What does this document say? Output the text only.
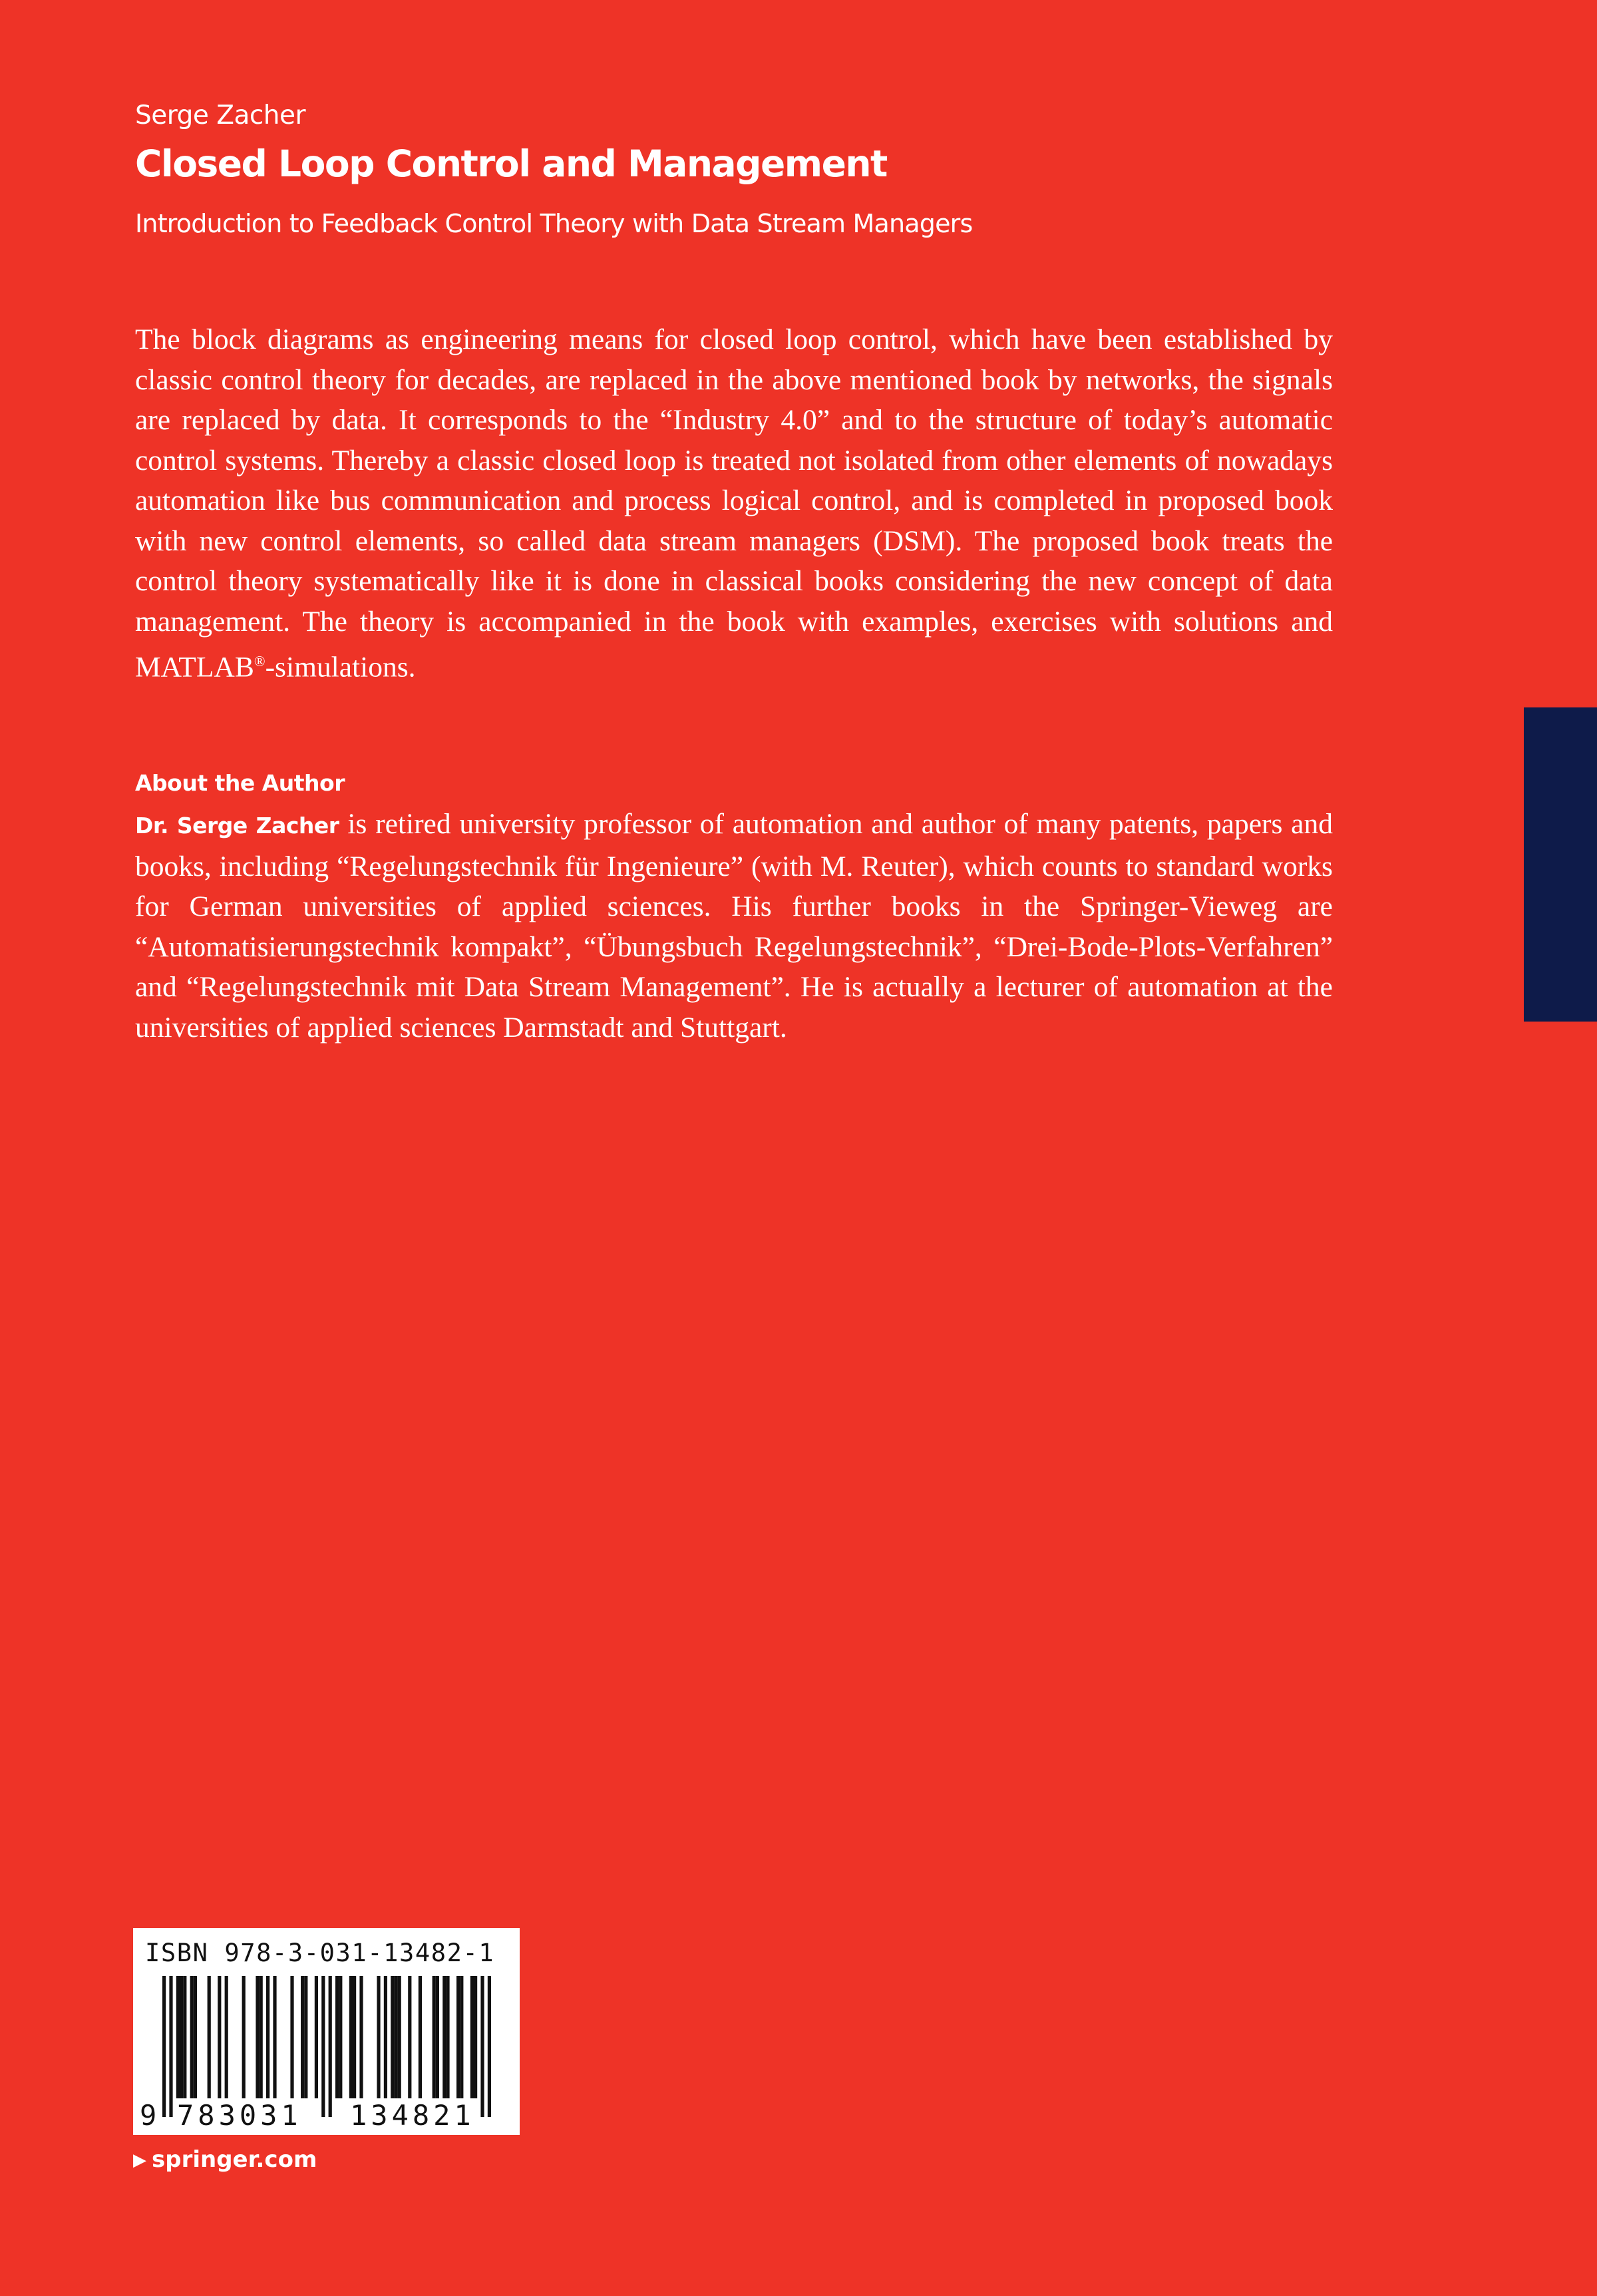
Serge Zacher
Closed Loop Control and Management
Introduction to Feedback Control Theory with Data Stream Managers

The block diagrams as engineering means for closed loop control, which have been established by classic control theory for decades, are replaced in the above mentioned book by networks, the signals are replaced by data. It corresponds to the “Industry 4.0” and to the structure of today’s automatic control systems. Thereby a classic closed loop is treated not isolated from other elements of nowadays automation like bus communication and process logical control, and is completed in proposed book with new control elements, so called data stream managers (DSM). The proposed book treats the control theory systematically like it is done in classical books considering the new concept of data management. The theory is accompanied in the book with examples, exercises with solutions and MATLAB®-simulations.

About the Author

Dr. Serge Zacher is retired university professor of automation and author of many patents, papers and books, including “Regelungstechnik für Ingenieure” (with M. Reuter), which counts to standard works for German universities of applied sciences. His further books in the Springer-Vieweg are “Automatisierungstechnik kompakt”, “Übungsbuch Regelungstechnik”, “Drei-Bode-Plots-Verfahren” and “Regelungstechnik mit Data Stream Management”. He is actually a lecturer of automation at the universities of applied sciences Darmstadt and Stuttgart.

ISBN 978-3-031-13482-1
9 783031 134821
▶ springer.com
